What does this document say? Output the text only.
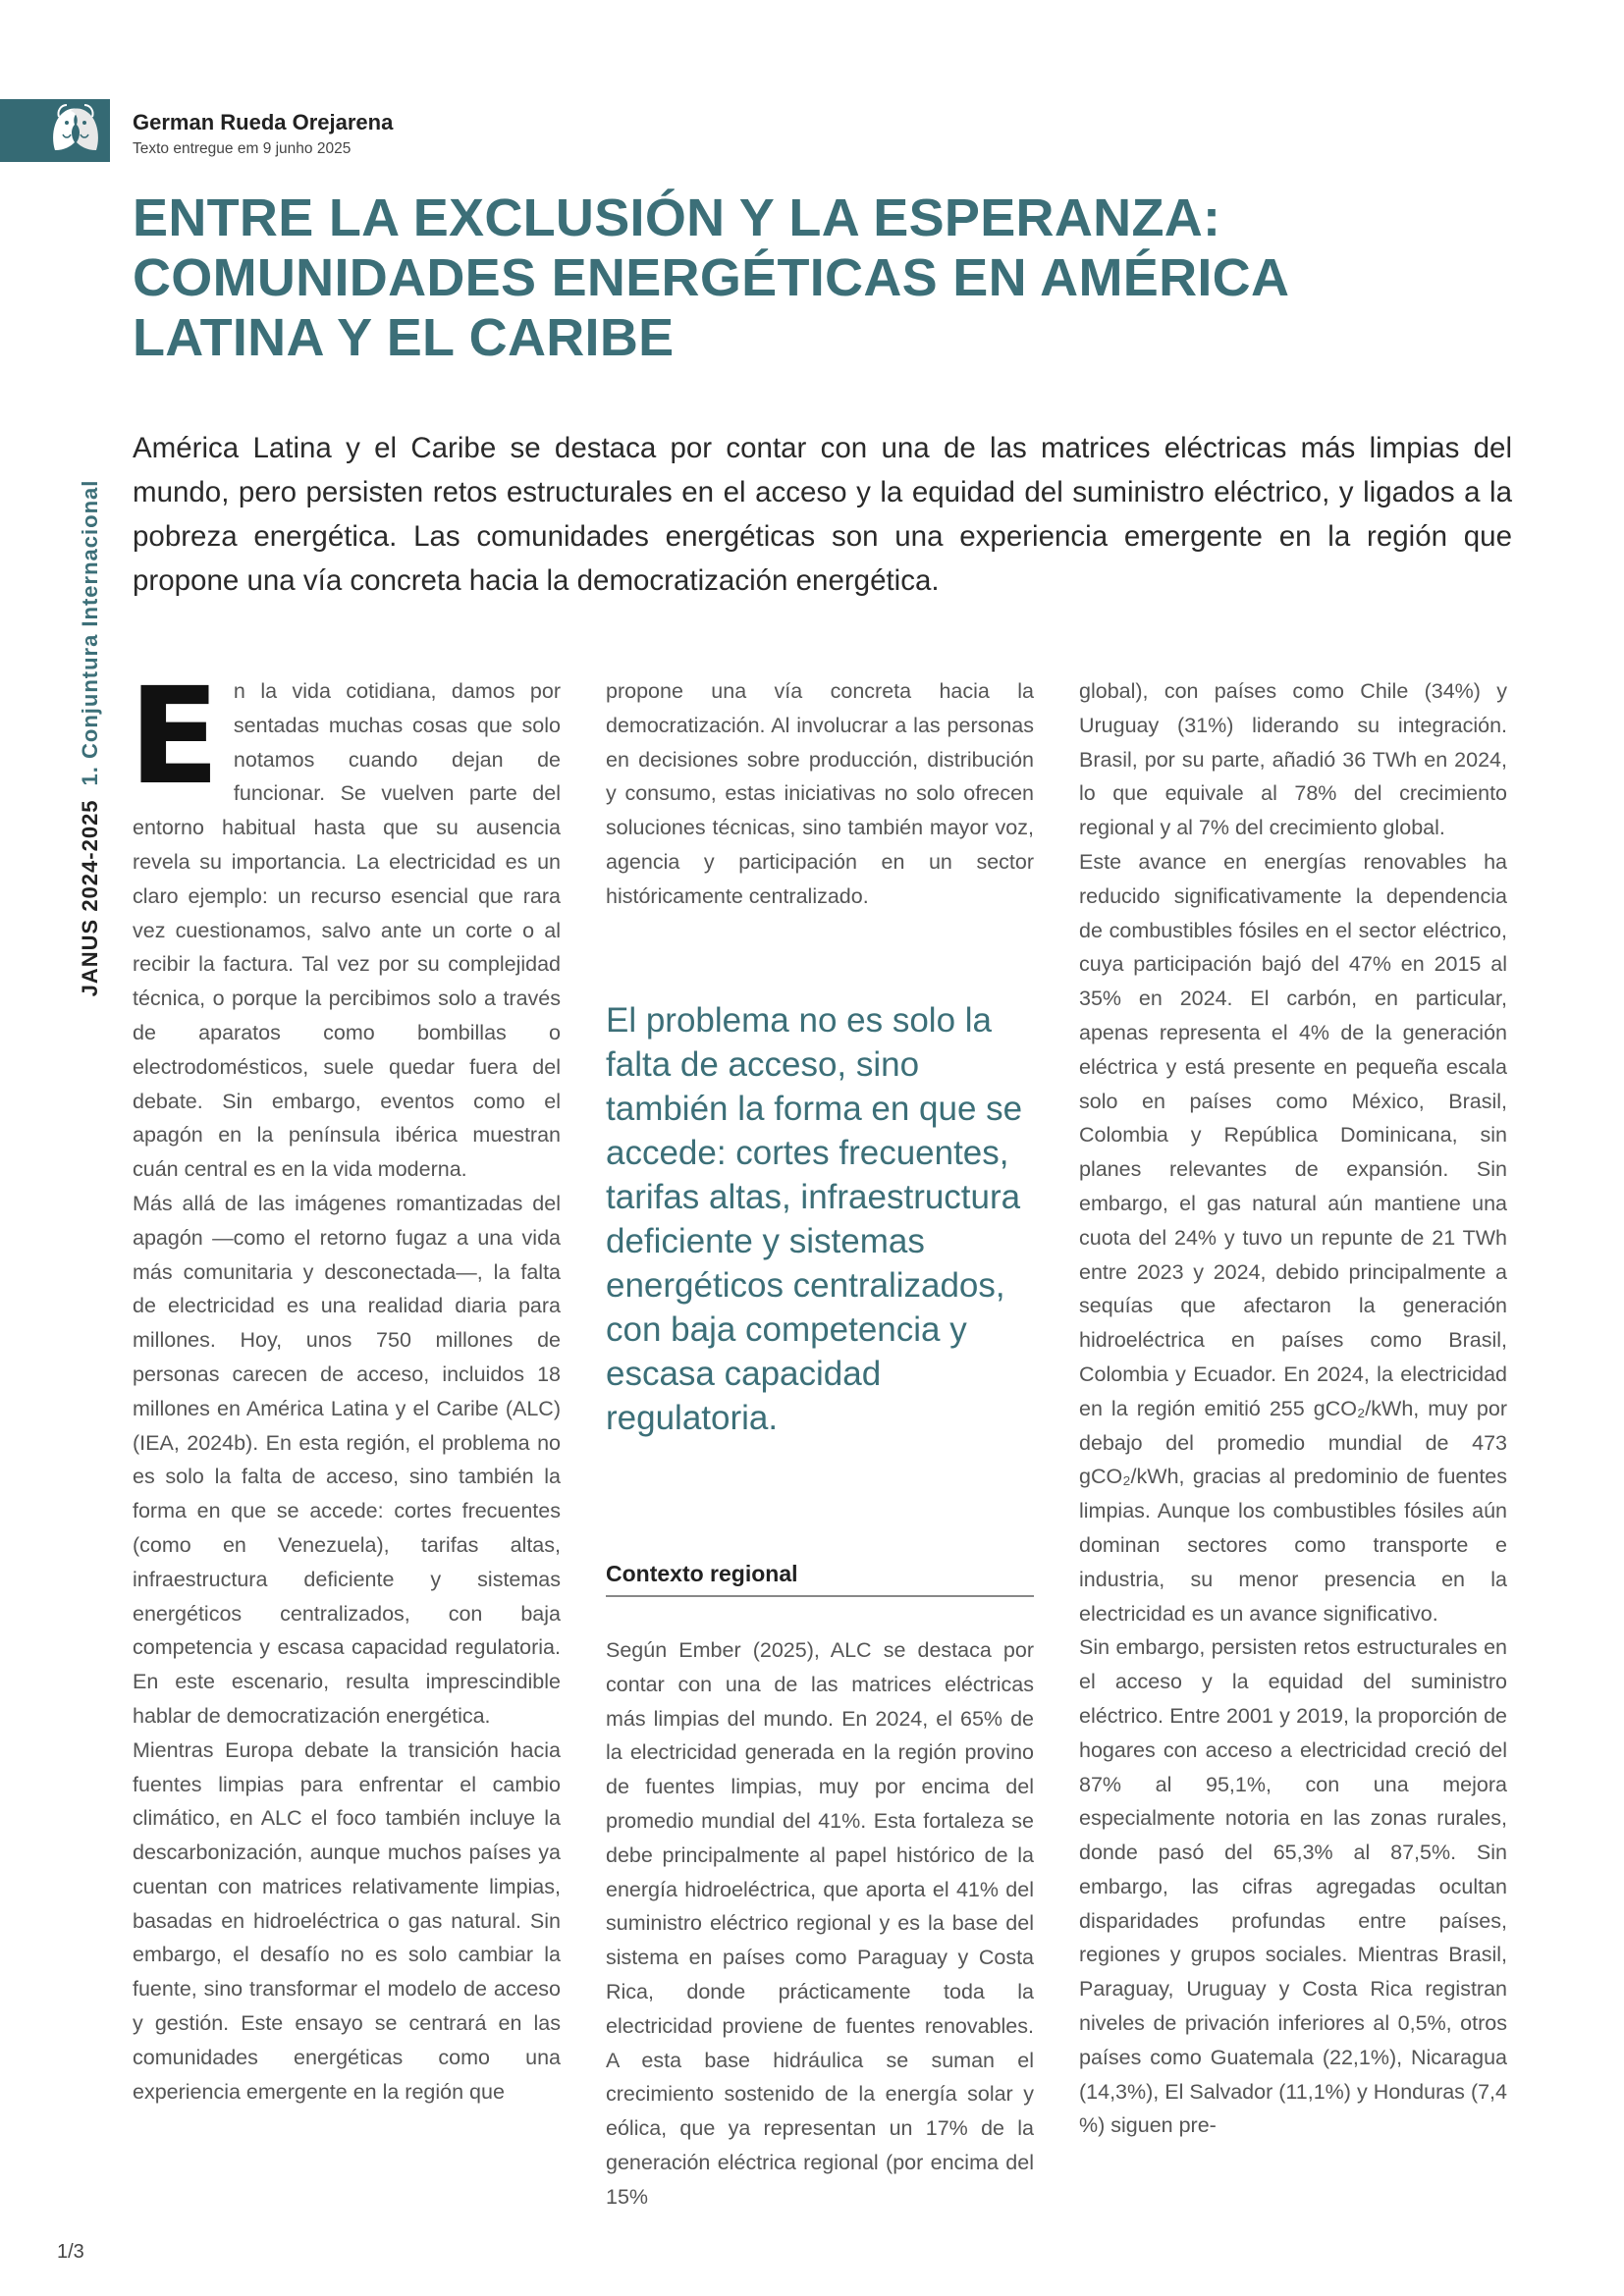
German Rueda Orejarena
Texto entregue em 9 junho 2025
JANUS 2024-20251. Conjuntura Internacional
ENTRE LA EXCLUSIÓN Y LA ESPERANZA:
COMUNIDADES ENERGÉTICAS EN AMÉRICA
LATINA Y EL CARIBE

América Latina y el Caribe se destaca por contar con una de las matrices eléctricas más limpias del mundo, pero persisten retos estructurales en el acceso y la equidad del suministro eléctrico, y ligados a la pobreza energética. Las comunidades energéticas son una experiencia emergente en la región que propone una vía concreta hacia la democratización energética.

E n la vida cotidiana, damos por sentadas muchas cosas que solo notamos cuando dejan de funcionar. Se vuelven parte del entorno habitual hasta que su ausencia revela su importancia. La electricidad es un claro ejemplo: un recurso esencial que rara vez cuestionamos, salvo ante un corte o al recibir la factura. Tal vez por su complejidad técnica, o porque la percibimos solo a través de aparatos como bombillas o electrodomésticos, suele quedar fuera del debate. Sin embargo, eventos como el apagón en la península ibérica muestran cuán central es en la vida moderna.

Más allá de las imágenes romantizadas del apagón —como el retorno fugaz a una vida más comunitaria y desconectada—, la falta de electricidad es una realidad diaria para millones. Hoy, unos 750 millones de personas carecen de acceso, incluidos 18 millones en América Latina y el Caribe (ALC) (IEA, 2024b). En esta región, el problema no es solo la falta de acceso, sino también la forma en que se accede: cortes frecuentes (como en Venezuela), tarifas altas, infraestructura deficiente y sistemas energéticos centralizados, con baja competencia y escasa capacidad regulatoria. En este escenario, resulta imprescindible hablar de democratización energética.

Mientras Europa debate la transición hacia fuentes limpias para enfrentar el cambio climático, en ALC el foco también incluye la descarbonización, aunque muchos países ya cuentan con matrices relativamente limpias, basadas en hidroeléctrica o gas natural. Sin embargo, el desafío no es solo cambiar la fuente, sino transformar el modelo de acceso y gestión. Este ensayo se centrará en las comunidades energéticas como una experiencia emergente en la región que

propone una vía concreta hacia la democratización. Al involucrar a las personas en decisiones sobre producción, distribución y consumo, estas iniciativas no solo ofrecen soluciones técnicas, sino también mayor voz, agencia y participación en un sector históricamente centralizado.

El problema no es solo la falta de acceso, sino también la forma en que se accede: cortes frecuentes, tarifas altas, infraestructura deficiente y sistemas energéticos centralizados, con baja competencia y escasa capacidad regulatoria.

Contexto regional

Según Ember (2025), ALC se destaca por contar con una de las matrices eléctricas más limpias del mundo. En 2024, el 65% de la electricidad generada en la región provino de fuentes limpias, muy por encima del promedio mundial del 41%. Esta fortaleza se debe principalmente al papel histórico de la energía hidroeléctrica, que aporta el 41% del suministro eléctrico regional y es la base del sistema en países como Paraguay y Costa Rica, donde prácticamente toda la electricidad proviene de fuentes renovables. A esta base hidráulica se suman el crecimiento sostenido de la energía solar y eólica, que ya representan un 17% de la generación eléctrica regional (por encima del 15%

global), con países como Chile (34%) y Uruguay (31%) liderando su integración. Brasil, por su parte, añadió 36 TWh en 2024, lo que equivale al 78% del crecimiento regional y al 7% del crecimiento global.

Este avance en energías renovables ha reducido significativamente la dependencia de combustibles fósiles en el sector eléctrico, cuya participación bajó del 47% en 2015 al 35% en 2024. El carbón, en particular, apenas representa el 4% de la generación eléctrica y está presente en pequeña escala solo en países como México, Brasil, Colombia y República Dominicana, sin planes relevantes de expansión. Sin embargo, el gas natural aún mantiene una cuota del 24% y tuvo un repunte de 21 TWh entre 2023 y 2024, debido principalmente a sequías que afectaron la generación hidroeléctrica en países como Brasil, Colombia y Ecuador. En 2024, la electricidad en la región emitió 255 gCO₂/kWh, muy por debajo del promedio mundial de 473 gCO₂/kWh, gracias al predominio de fuentes limpias. Aunque los combustibles fósiles aún dominan sectores como transporte e industria, su menor presencia en la electricidad es un avance significativo.

Sin embargo, persisten retos estructurales en el acceso y la equidad del suministro eléctrico. Entre 2001 y 2019, la proporción de hogares con acceso a electricidad creció del 87% al 95,1%, con una mejora especialmente notoria en las zonas rurales, donde pasó del 65,3% al 87,5%. Sin embargo, las cifras agregadas ocultan disparidades profundas entre países, regiones y grupos sociales. Mientras Brasil, Paraguay, Uruguay y Costa Rica registran niveles de privación inferiores al 0,5%, otros países como Guatemala (22,1%), Nicaragua (14,3%), El Salvador (11,1%) y Honduras (7,4 %) siguen pre-

1/3
